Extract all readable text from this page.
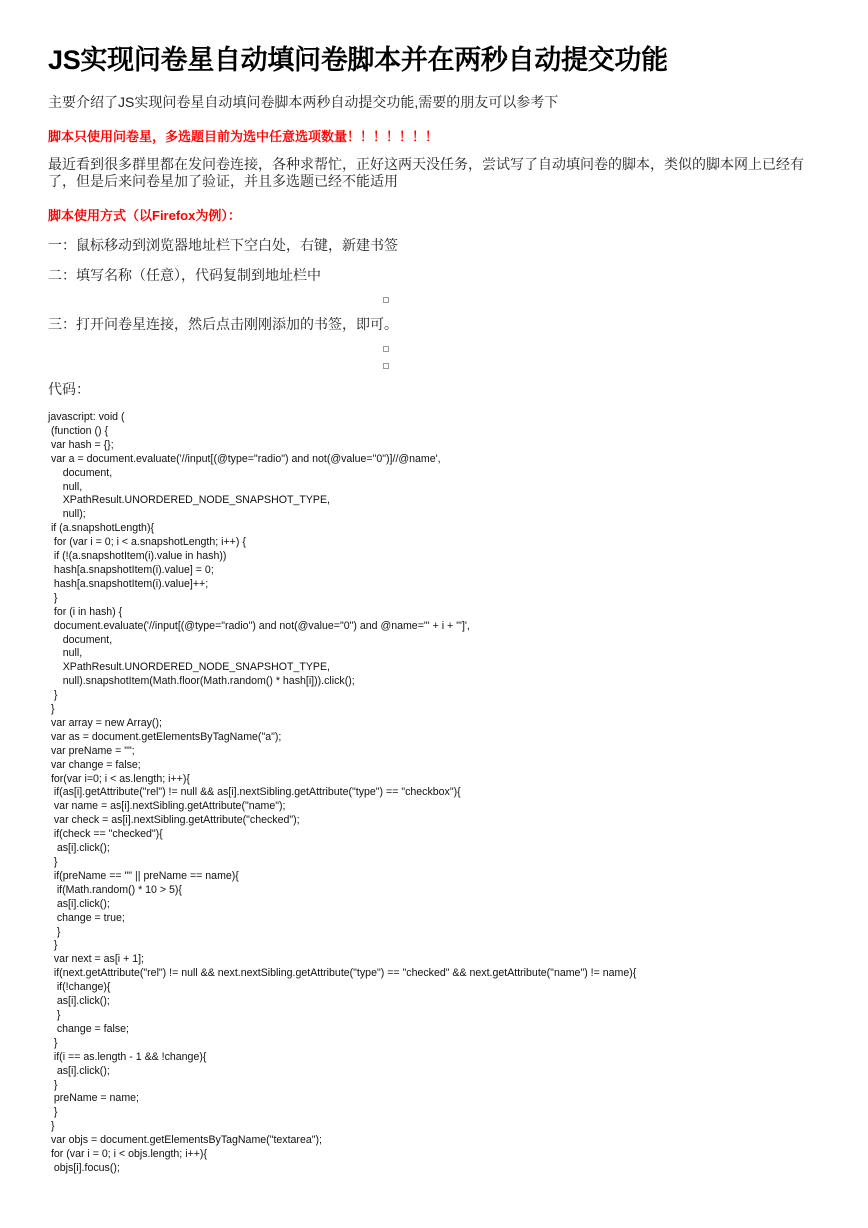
JS实现问卷星自动填问卷脚本并在两秒自动提交功能
主要介绍了JS实现问卷星自动填问卷脚本两秒自动提交功能,需要的朋友可以参考下
脚本只使用问卷星，多选题目前为选中任意选项数量！！！！！！！
最近看到很多群里都在发问卷连接，各种求帮忙，正好这两天没任务，尝试写了自动填问卷的脚本，类似的脚本网上已经有了，但是后来问卷星加了验证，并且多选题已经不能适用
脚本使用方式（以Firefox为例）：
一：鼠标移动到浏览器地址栏下空白处，右键，新建书签
二：填写名称（任意），代码复制到地址栏中
三：打开问卷星连接，然后点击刚刚添加的书签，即可。
代码：
javascript: void (
(function () {
var hash = {};
var a = document.evaluate('//input[(@type="radio") and not(@value="0")]//@name',
document,
null,
XPathResult.UNORDERED_NODE_SNAPSHOT_TYPE,
null);
if (a.snapshotLength){
for (var i = 0; i < a.snapshotLength; i++) {
if (!(a.snapshotItem(i).value in hash))
hash[a.snapshotItem(i).value] = 0;
hash[a.snapshotItem(i).value]++;
}
for (i in hash) {
document.evaluate('//input[(@type="radio") and not(@value="0") and @name="' + i + '"]',
document,
null,
XPathResult.UNORDERED_NODE_SNAPSHOT_TYPE,
null).snapshotItem(Math.floor(Math.random() * hash[i])).click();
}
}
var array = new Array();
var as = document.getElementsByTagName("a");
var preName = "";
var change = false;
for(var i=0; i < as.length; i++){
if(as[i].getAttribute("rel") != null && as[i].nextSibling.getAttribute("type") == "checkbox"){
var name = as[i].nextSibling.getAttribute("name");
var check = as[i].nextSibling.getAttribute("checked");
if(check == "checked"){
as[i].click();
}
if(preName == "" || preName == name){
if(Math.random() * 10 > 5){
as[i].click();
change = true;
}
}
var next = as[i + 1];
if(next.getAttribute("rel") != null && next.nextSibling.getAttribute("type") == "checked" && next.getAttribute("name") != name){
if(!change){
as[i].click();
}
change = false;
}
if(i == as.length - 1 && !change){
as[i].click();
}
preName = name;
}
}
var objs = document.getElementsByTagName("textarea");
for (var i = 0; i < objs.length; i++){
objs[i].focus();
